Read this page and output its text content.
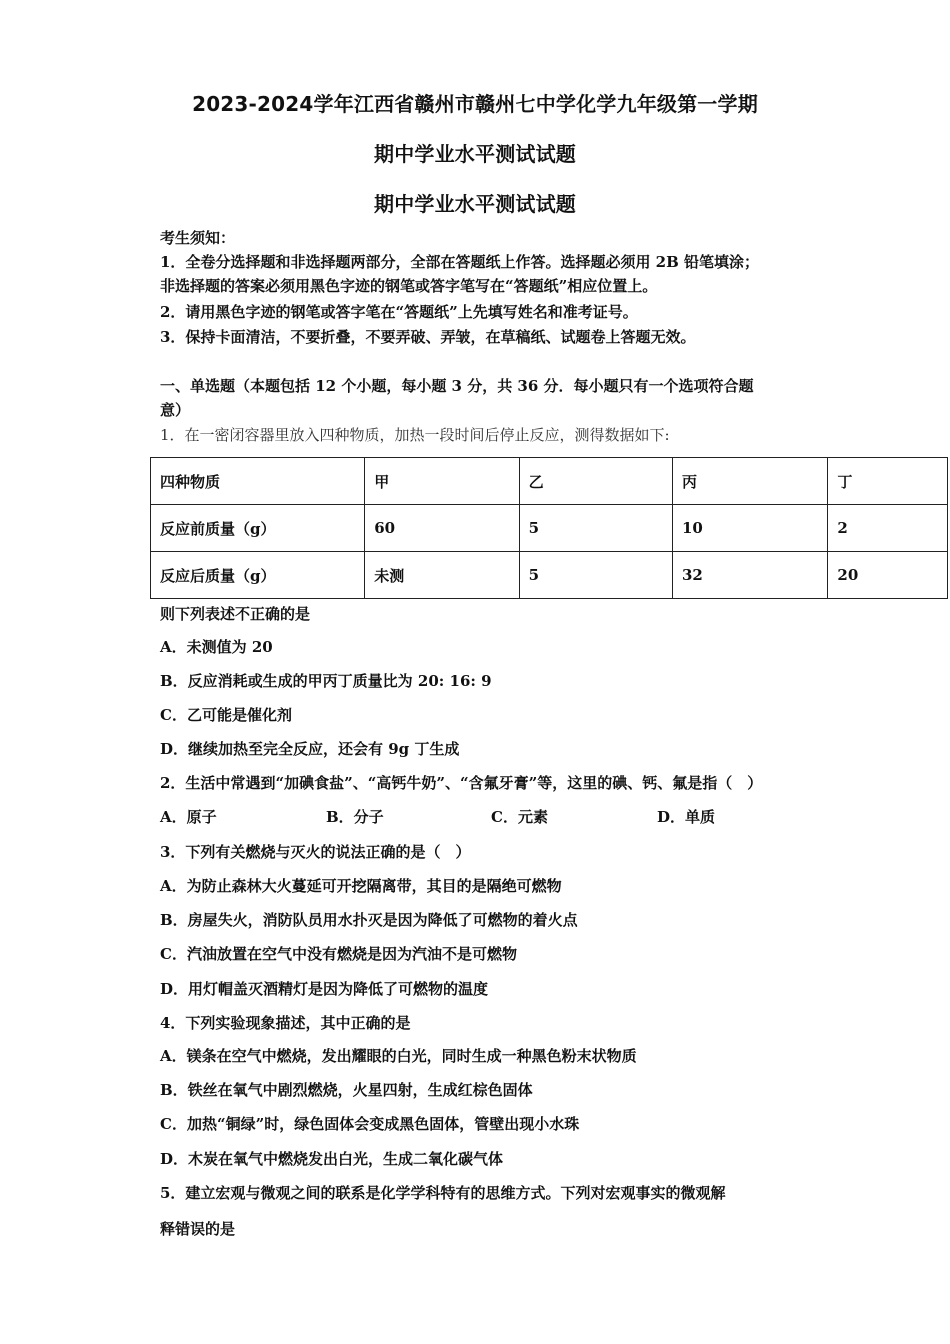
2023-2024学年江西省赣州市赣州七中学化学九年级第一学期
期中学业水平测试试题
期中学业水平测试试题
考生须知：
1．全卷分选择题和非选择题两部分，全部在答题纸上作答。选择题必须用 2B 铅笔填涂；
非选择题的答案必须用黑色字迹的钢笔或答字笔写在“答题纸”相应位置上。
2．请用黑色字迹的钢笔或答字笔在“答题纸”上先填写姓名和准考证号。
3．保持卡面清洁，不要折叠，不要弄破、弄皱，在草稿纸、试题卷上答题无效。
一、单选题（本题包括 12 个小题，每小题 3 分，共 36 分．每小题只有一个选项符合题
意）
1．在一密闭容器里放入四种物质，加热一段时间后停止反应，测得数据如下:
四种物质	甲	乙	丙	丁
反应前质量（g）	60	5	10	2
反应后质量（g）	未测	5	32	20
则下列表述不正确的是
A．未测值为 20
B．反应消耗或生成的甲丙丁质量比为 20: 16: 9
C．乙可能是催化剂
D．继续加热至完全反应，还会有 9g 丁生成
2．生活中常遇到“加碘食盐”、“高钙牛奶”、“含氟牙膏”等，这里的碘、钙、氟是指（　）
A．原子	B．分子	C．元素	D．单质
3．下列有关燃烧与灭火的说法正确的是（　）
A．为防止森林大火蔓延可开挖隔离带，其目的是隔绝可燃物
B．房屋失火，消防队员用水扑灭是因为降低了可燃物的着火点
C．汽油放置在空气中没有燃烧是因为汽油不是可燃物
D．用灯帽盖灭酒精灯是因为降低了可燃物的温度
4．下列实验现象描述，其中正确的是
A．镁条在空气中燃烧，发出耀眼的白光，同时生成一种黑色粉末状物质
B．铁丝在氧气中剧烈燃烧，火星四射，生成红棕色固体
C．加热“铜绿”时，绿色固体会变成黑色固体，管壁出现小水珠
D．木炭在氧气中燃烧发出白光，生成二氧化碳气体
5．建立宏观与微观之间的联系是化学学科特有的思维方式。下列对宏观事实的微观解
释错误的是
